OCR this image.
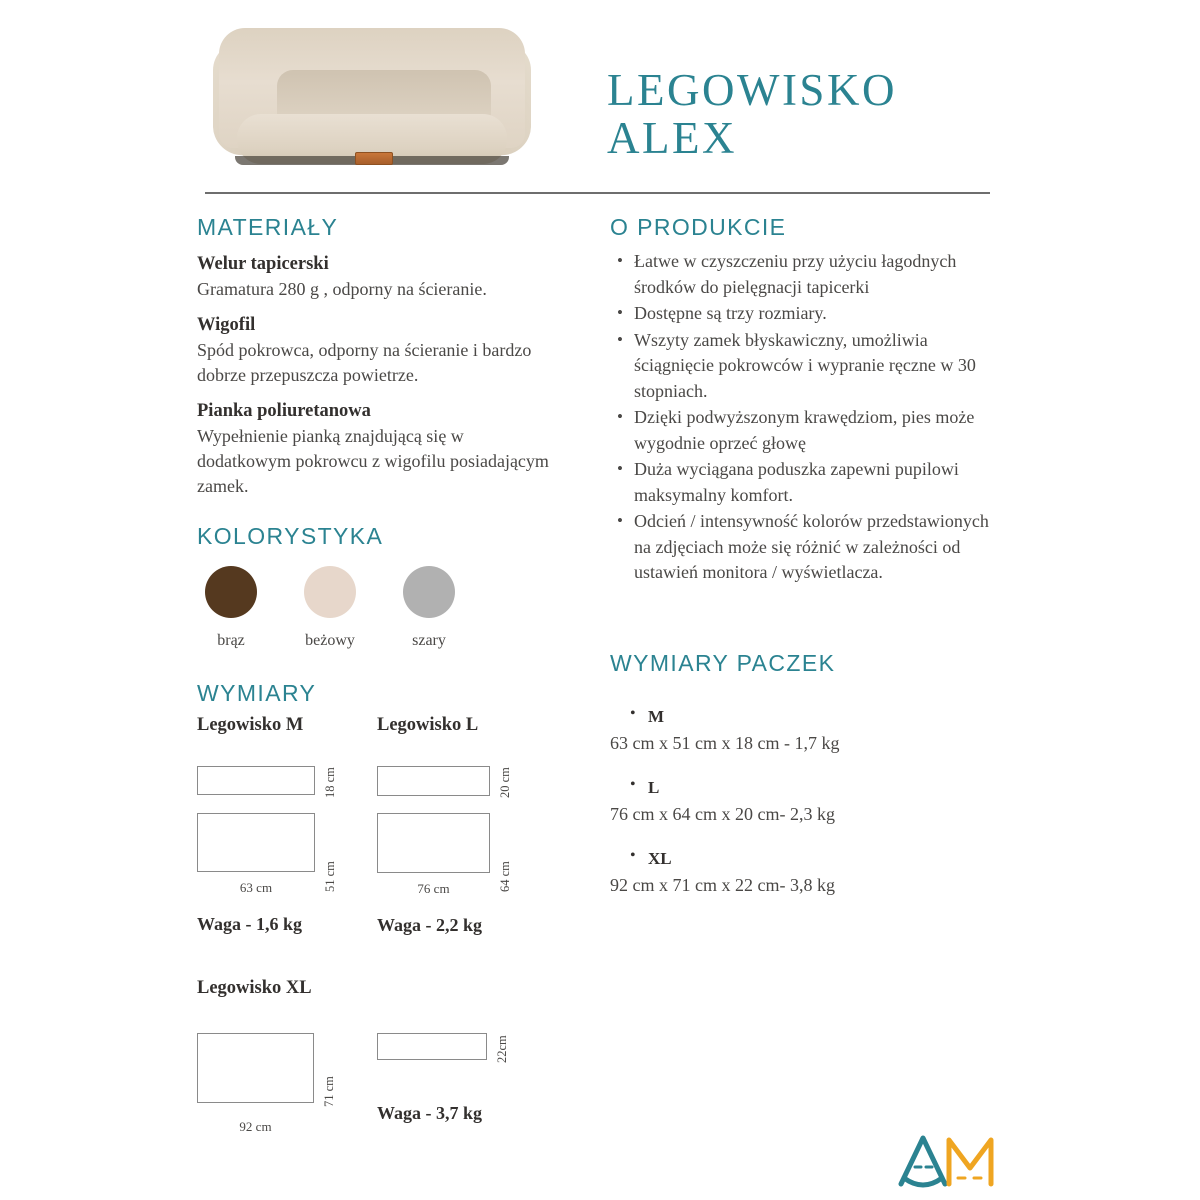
LEGOWISKO
ALEX
MATERIAŁY
Welur tapicerski
Gramatura 280 g , odporny na ścieranie.
Wigofil
Spód pokrowca, odporny na ścieranie i bardzo dobrze przepuszcza powietrze.
Pianka poliuretanowa
Wypełnienie pianką znajdującą się w dodatkowym pokrowcu z wigofilu posiadającym zamek.
KOLORYSTYKA
brąz	beżowy	szary
WYMIARY
Legowisko M
18 cm
51 cm
63 cm
Waga - 1,6 kg
Legowisko L
20 cm
64 cm
76 cm
Waga - 2,2 kg
Legowisko XL
71 cm
92 cm
22cm
Waga - 3,7 kg
O PRODUKCIE
• Łatwe w czyszczeniu przy użyciu łagodnych środków do pielęgnacji tapicerki
• Dostępne są trzy rozmiary.
• Wszyty zamek błyskawiczny, umożliwia ściągnięcie pokrowców i wypranie ręczne w 30 stopniach.
• Dzięki podwyższonym krawędziom, pies może wygodnie oprzeć głowę
• Duża wyciągana poduszka zapewni pupilowi maksymalny komfort.
• Odcień / intensywność kolorów przedstawionych na zdjęciach może się różnić w zależności od ustawień monitora / wyświetlacza.
WYMIARY PACZEK
• M
63 cm x 51 cm x 18 cm - 1,7 kg
• L
76 cm x 64 cm x 20 cm- 2,3 kg
• XL
92 cm x 71 cm x 22 cm- 3,8 kg
